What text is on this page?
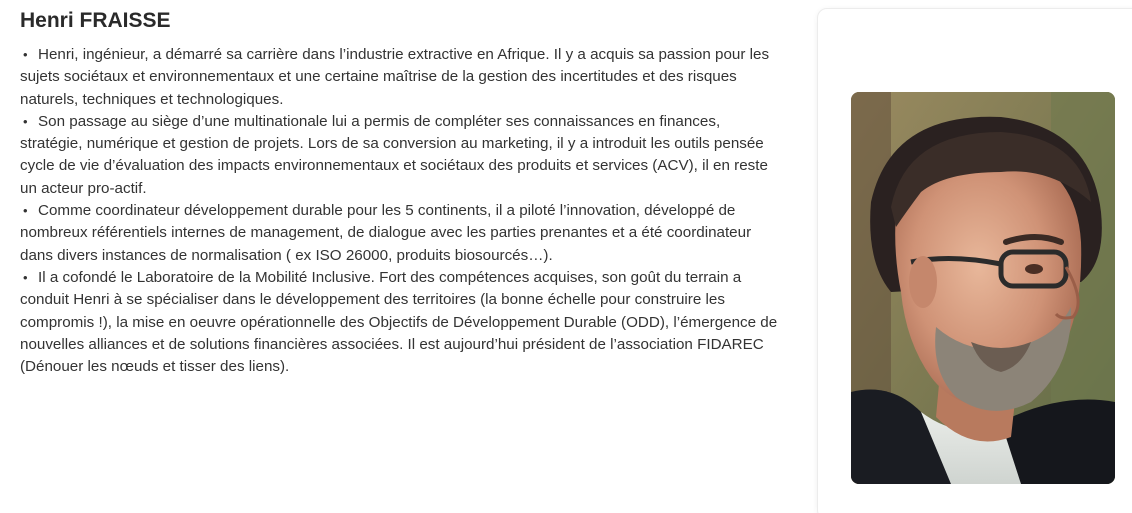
Henri FRAISSE
• Henri, ingénieur, a démarré sa carrière dans l’industrie extractive en Afrique. Il y a acquis sa passion pour les sujets sociétaux et environnementaux et une certaine maîtrise de la gestion des incertitudes et des risques naturels, techniques et technologiques.
• Son passage au siège d’une multinationale lui a permis de compléter ses connaissances en finances, stratégie, numérique et gestion de projets. Lors de sa conversion au marketing, il y a introduit les outils pensée cycle de vie d’évaluation des impacts environnementaux et sociétaux des produits et services (ACV), il en reste un acteur pro-actif.
• Comme coordinateur développement durable pour les 5 continents, il a piloté l’innovation, développé de nombreux référentiels internes de management, de dialogue avec les parties prenantes et a été coordinateur dans divers instances de normalisation ( ex ISO 26000, produits biosourcés…).
• Il a cofondé le Laboratoire de la Mobilité Inclusive. Fort des compétences acquises, son goût du terrain a conduit Henri à se spécialiser dans le développement des territoires (la bonne échelle pour construire les compromis !), la mise en oeuvre opérationnelle des Objectifs de Développement Durable (ODD), l’émergence de nouvelles alliances et de solutions financières associées. Il est aujourd’hui président de l’association FIDAREC (Dénouer les nœuds et tisser des liens).
